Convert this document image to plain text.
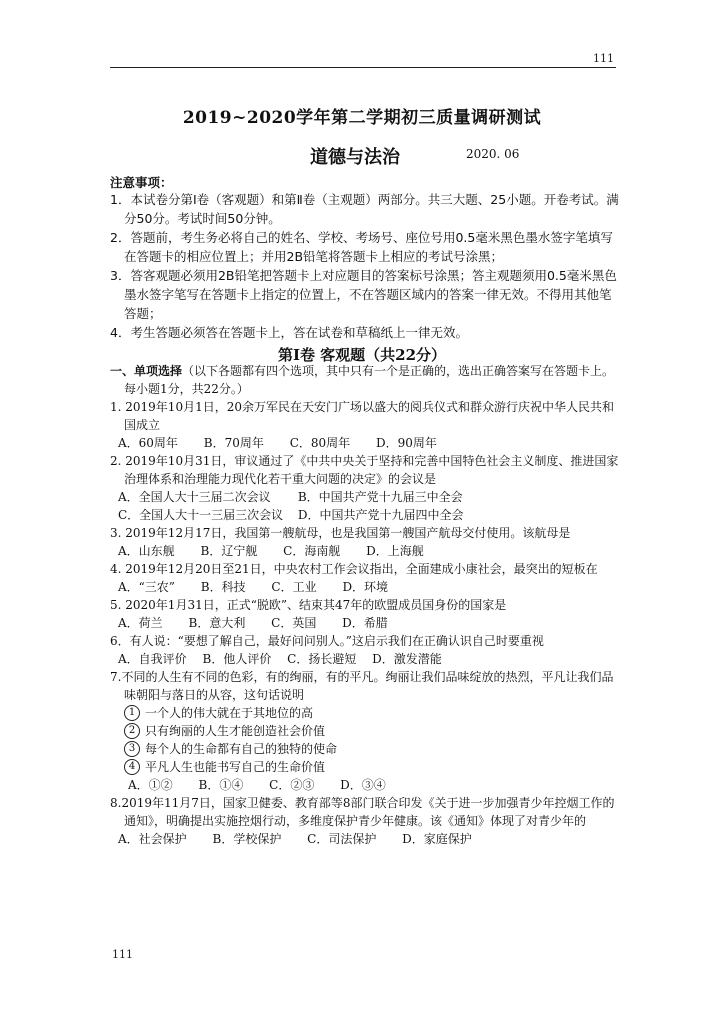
111
2019~2020学年第二学期初三质量调研测试
道德与法治	2020. 06
注意事项：

1．本试卷分第Ⅰ卷（客观题）和第Ⅱ卷（主观题）两部分。共三大题、25小题。开卷考试。满分50分。考试时间50分钟。

2．答题前，考生务必将自己的姓名、学校、考场号、座位号用0.5毫米黑色墨水签字笔填写在答题卡的相应位置上；并用2B铅笔将答题卡上相应的考试号涂黑；

3．答客观题必须用2B铅笔把答题卡上对应题目的答案标号涂黑；答主观题须用0.5毫米黑色墨水签字笔写在答题卡上指定的位置上，不在答题区域内的答案一律无效。不得用其他笔答题；

4．考生答题必须答在答题卡上，答在试卷和草稿纸上一律无效。

第Ⅰ卷 客观题（共22分）

一、单项选择（以下各题都有四个选项，其中只有一个是正确的，选出正确答案写在答题卡上。每小题1分，共22分。）

1. 2019年10月1日，20余万军民在天安门广场以盛大的阅兵仪式和群众游行庆祝中华人民共和国成立

A．60周年 B．70周年 C．80周年 D．90周年

2. 2019年10月31日，审议通过了《中共中央关于坚持和完善中国特色社会主义制度、推进国家治理体系和治理能力现代化若干重大问题的决定》的会议是

A．全国人大十三届二次会议 B．中国共产党十九届三中全会
C．全国人大十一三届三次会议 D．中国共产党十九届四中全会

3. 2019年12月17日，我国第一艘航母，也是我国第一艘国产航母交付使用。该航母是

A．山东舰 B．辽宁舰 C．海南舰 D．上海舰

4. 2019年12月20日至21日，中央农村工作会议指出，全面建成小康社会，最突出的短板在

A．“三农” B．科技 C．工业 D．环境

5. 2020年1月31日，正式“脱欧”、结束其47年的欧盟成员国身份的国家是

A．荷兰 B．意大利 C．英国 D．希腊

6．有人说：“要想了解自己，最好问问别人。”这启示我们在正确认识自己时要重视

A．自我评价 B．他人评价 C．扬长避短 D．激发潜能

7.不同的人生有不同的色彩，有的绚丽，有的平凡。绚丽让我们品味绽放的热烈，平凡让我们品味朝阳与落日的从容，这句话说明

1 一个人的伟大就在于其地位的高
2 只有绚丽的人生才能创造社会价值
3 每个人的生命都有自己的独特的使命
4 平凡人生也能书写自己的生命价值
A．①② B．①④ C．②③ D．③④

8.2019年11月7日，国家卫健委、教育部等8部门联合印发《关于进一步加强青少年控烟工作的通知》，明确提出实施控烟行动，多维度保护青少年健康。该《通知》体现了对青少年的

A．社会保护 B．学校保护 C．司法保护 D．家庭保护
111
